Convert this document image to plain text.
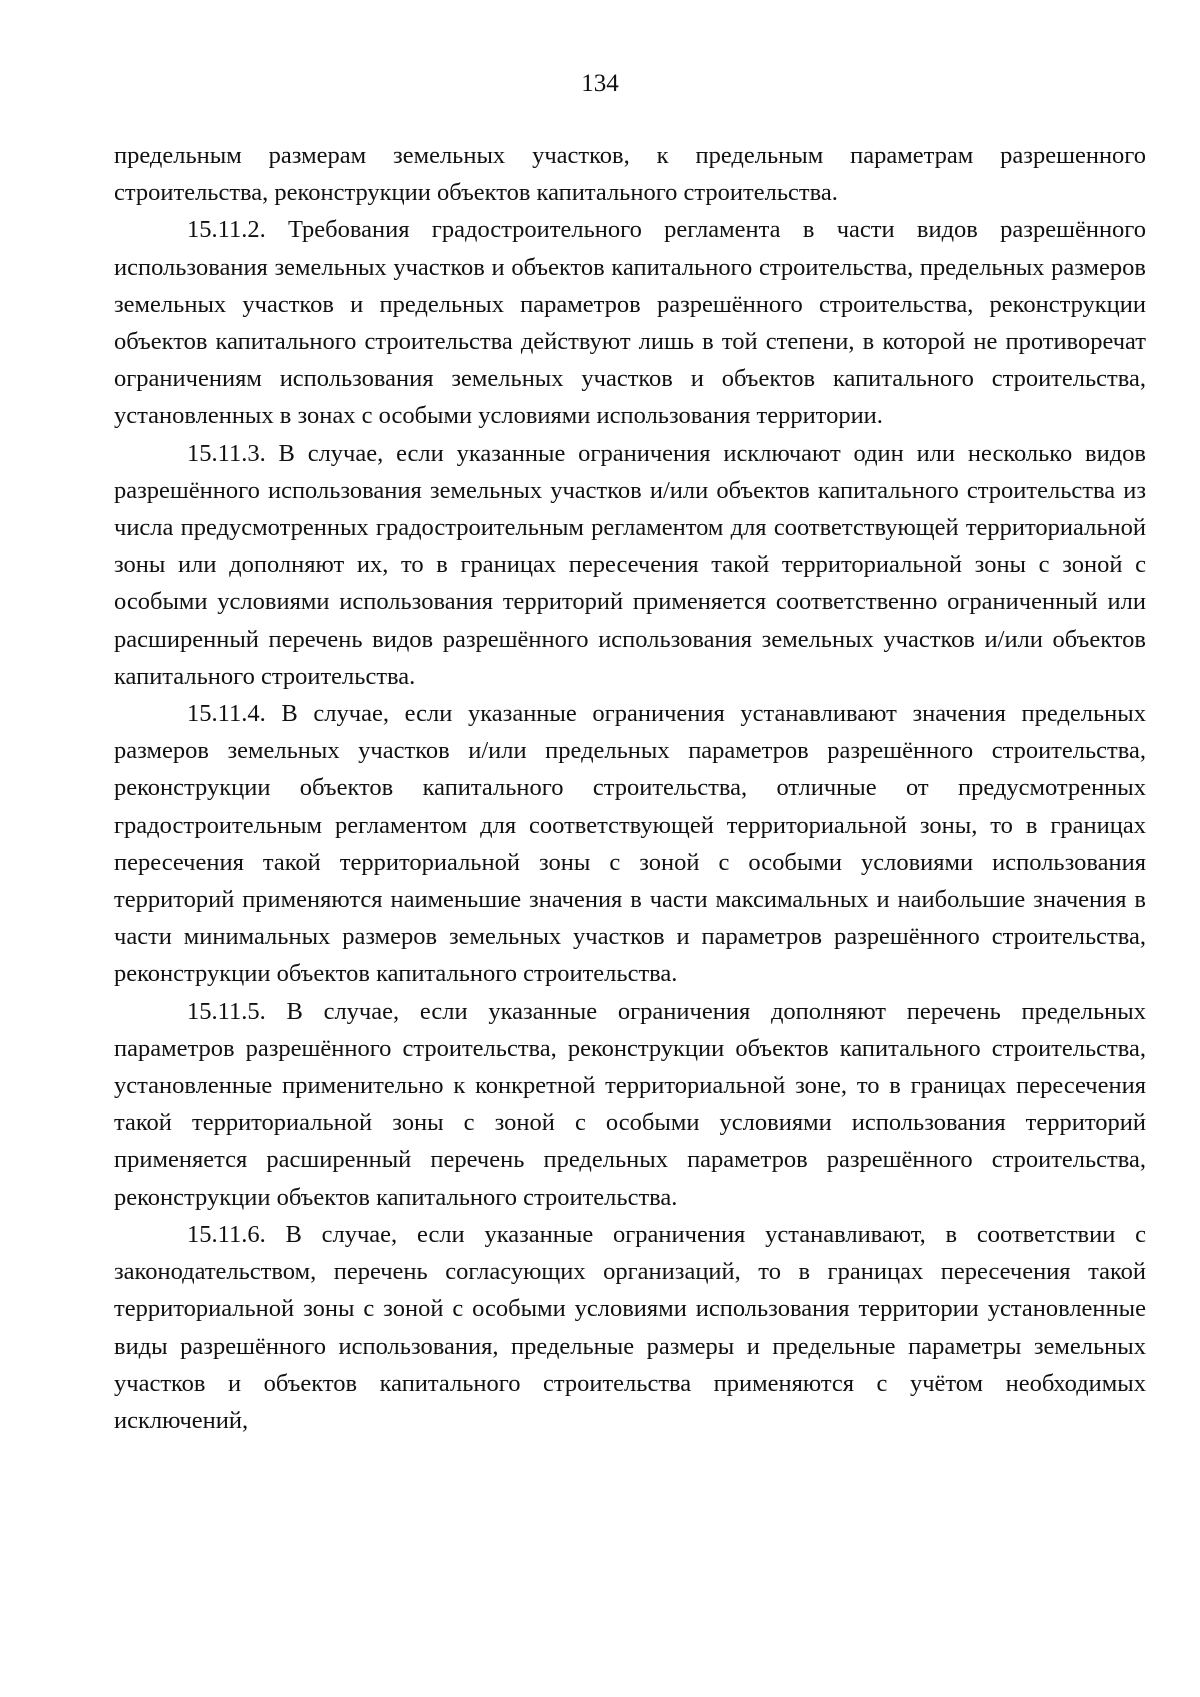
134

предельным размерам земельных участков, к предельным параметрам разрешенного строительства, реконструкции объектов капитального строительства.

15.11.2. Требования градостроительного регламента в части видов разрешённого использования земельных участков и объектов капитального строительства, предельных размеров земельных участков и предельных параметров разрешённого строительства, реконструкции объектов капитального строительства действуют лишь в той степени, в которой не противоречат ограничениям использования земельных участков и объектов капитального строительства, установленных в зонах с особыми условиями использования территории.

15.11.3. В случае, если указанные ограничения исключают один или несколько видов разрешённого использования земельных участков и/или объектов капитального строительства из числа предусмотренных градостроительным регламентом для соответствующей территориальной зоны или дополняют их, то в границах пересечения такой территориальной зоны с зоной с особыми условиями использования территорий применяется соответственно ограниченный или расширенный перечень видов разрешённого использования земельных участков и/или объектов капитального строительства.

15.11.4. В случае, если указанные ограничения устанавливают значения предельных размеров земельных участков и/или предельных параметров разрешённого строительства, реконструкции объектов капитального строительства, отличные от предусмотренных градостроительным регламентом для соответствующей территориальной зоны, то в границах пересечения такой территориальной зоны с зоной с особыми условиями использования территорий применяются наименьшие значения в части максимальных и наибольшие значения в части минимальных размеров земельных участков и параметров разрешённого строительства, реконструкции объектов капитального строительства.

15.11.5. В случае, если указанные ограничения дополняют перечень предельных параметров разрешённого строительства, реконструкции объектов капитального строительства, установленные применительно к конкретной территориальной зоне, то в границах пересечения такой территориальной зоны с зоной с особыми условиями использования территорий применяется расширенный перечень предельных параметров разрешённого строительства, реконструкции объектов капитального строительства.

15.11.6. В случае, если указанные ограничения устанавливают, в соответствии с законодательством, перечень согласующих организаций, то в границах пересечения такой территориальной зоны с зоной с особыми условиями использования территории установленные виды разрешённого использования, предельные размеры и предельные параметры земельных участков и объектов капитального строительства применяются с учётом необходимых исключений,
